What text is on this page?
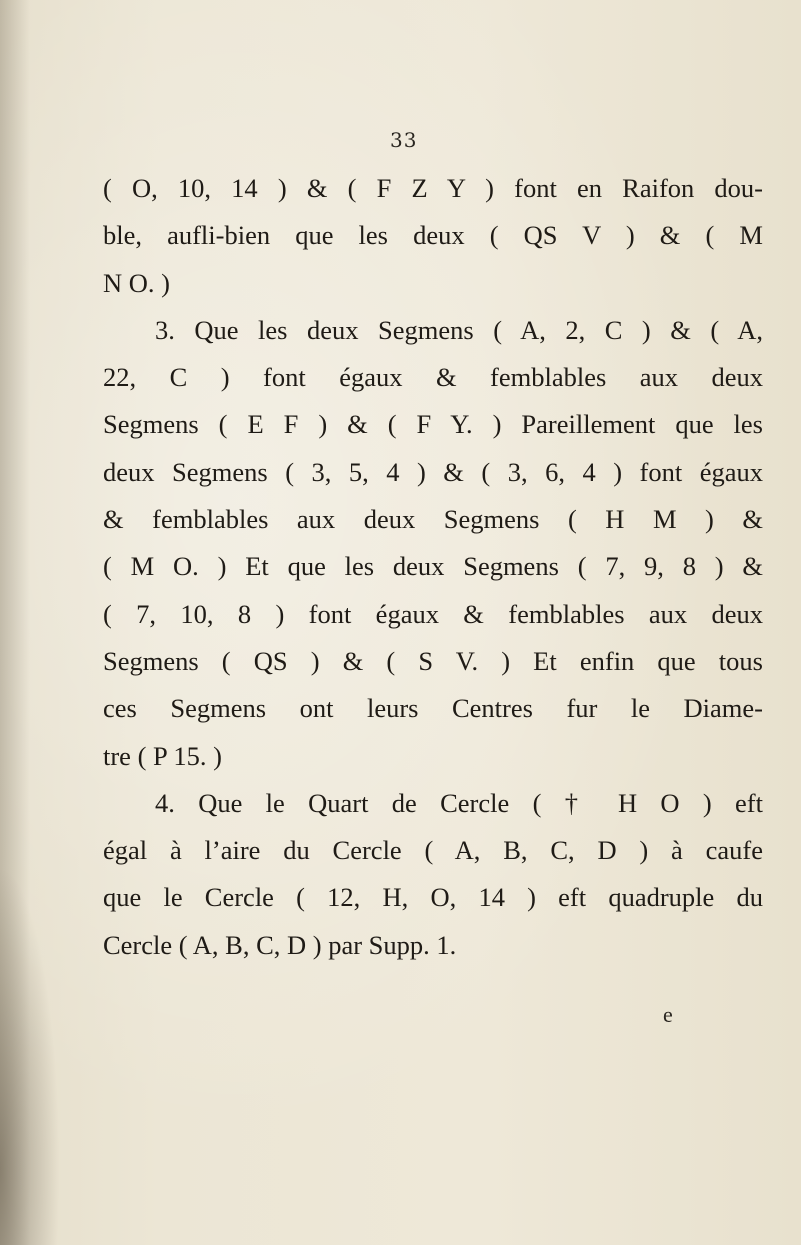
33
( O, 10, 14 ) & ( F Z Y ) font en Raifon dou-
ble, aufli-bien que les deux ( QS V ) & ( M
N O. )
3. Que les deux Segmens ( A, 2, C ) & ( A,
22, C ) font égaux & femblables aux deux
Segmens ( E F ) & ( F Y. ) Pareillement que les
deux Segmens ( 3, 5, 4 ) & ( 3, 6, 4 ) font égaux
& femblables aux deux Segmens ( H M ) &
( M O. ) Et que les deux Segmens ( 7, 9, 8 ) &
( 7, 10, 8 ) font égaux & femblables aux deux
Segmens ( QS ) & ( S V. ) Et enfin que tous
ces Segmens ont leurs Centres fur le Diame-
tre ( P 15. )
4. Que le Quart de Cercle ( † H O ) eft
égal à l’aire du Cercle ( A, B, C, D ) à caufe
que le Cercle ( 12, H, O, 14 ) eft quadruple du
Cercle ( A, B, C, D ) par Supp. 1.
e
